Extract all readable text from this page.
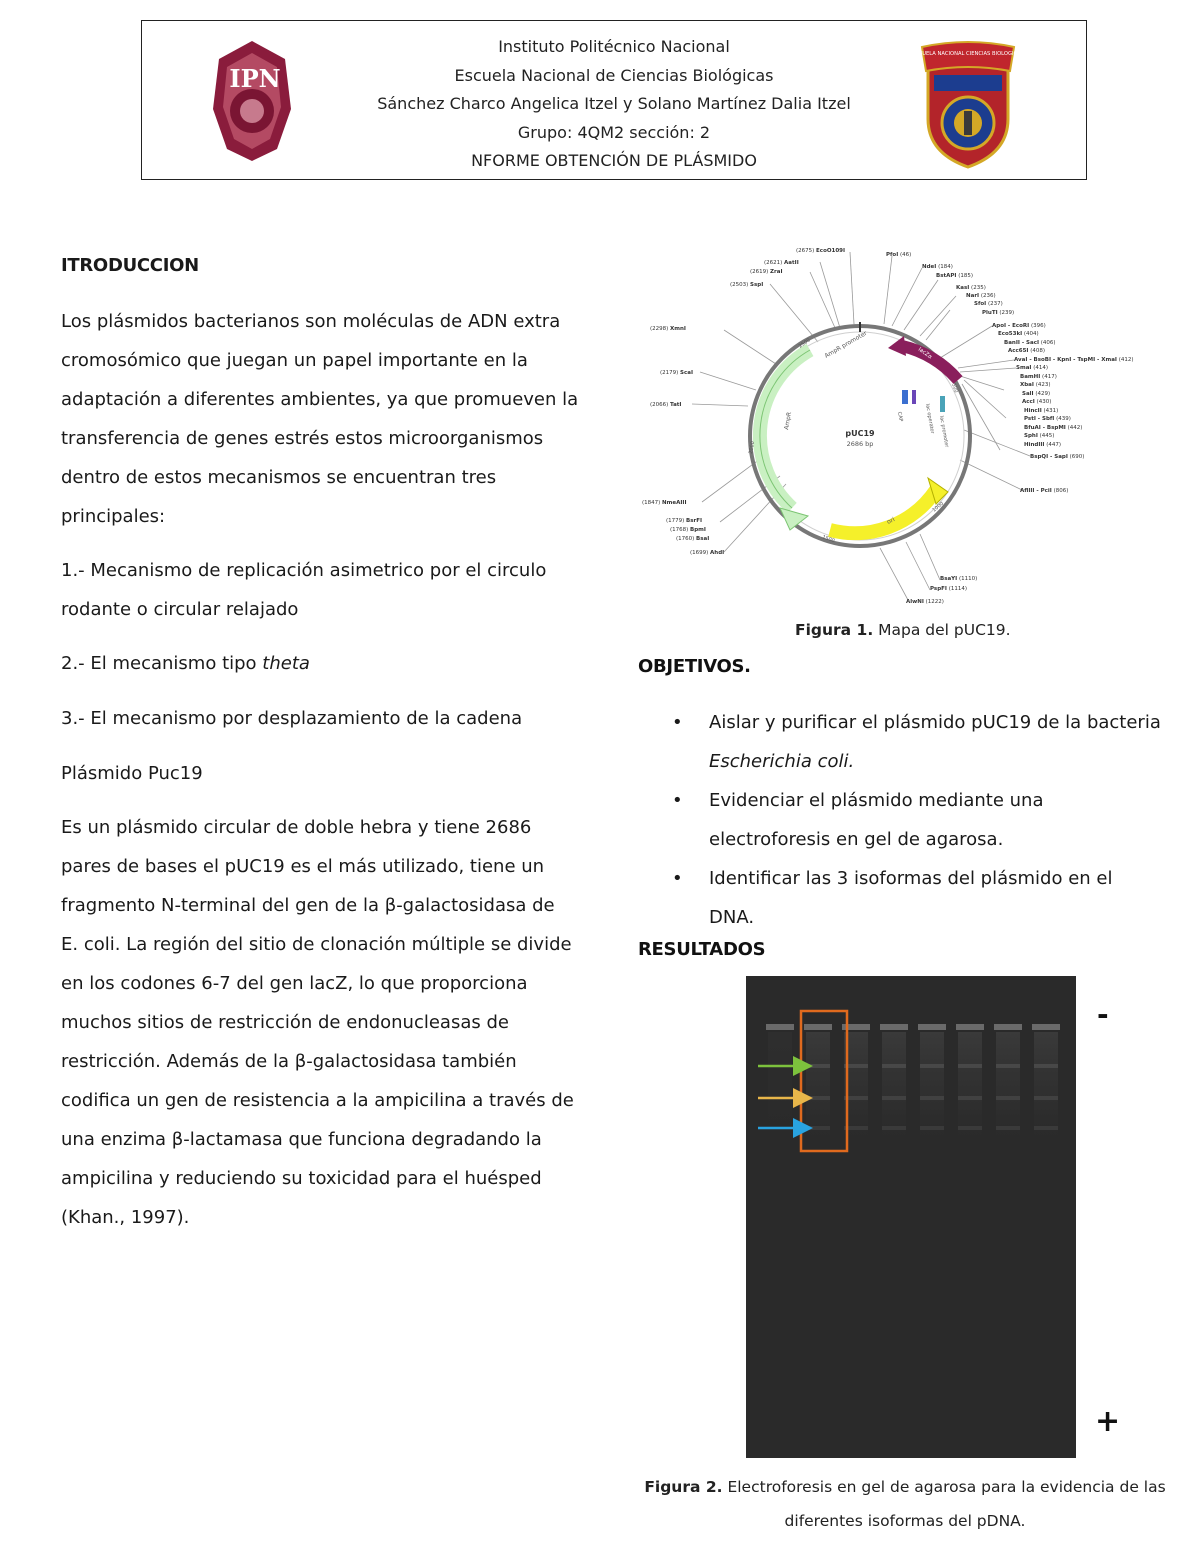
IPN
Instituto Politécnico Nacional
Escuela Nacional de Ciencias Biológicas
Sánchez Charco Angelica Itzel y Solano Martínez Dalia Itzel
Grupo: 4QM2 sección: 2
NFORME OBTENCIÓN DE PLÁSMIDO
ESCUELA NACIONAL CIENCIAS BIOLOGICAS
ITRODUCCION
Los plásmidos bacterianos son moléculas de ADN extra
cromosómico que juegan un papel importante en la
adaptación a diferentes ambientes, ya que promueven la
transferencia de genes estrés estos microorganismos
dentro de estos mecanismos se encuentran tres
principales:
1.- Mecanismo de replicación asimetrico por el circulo
rodante o circular relajado
2.- El mecanismo tipo theta
3.- El mecanismo por desplazamiento de la cadena
Plásmido Puc19
Es un plásmido circular de doble hebra y tiene 2686
pares de bases el pUC19 es el más utilizado, tiene un
fragmento N-terminal del gen de la β-galactosidasa de
E. coli. La región del sitio de clonación múltiple se divide
en los codones 6-7 del gen lacZ, lo que proporciona
muchos sitios de restricción de endonucleasas de
restricción. Además de la β-galactosidasa también
codifica un gen de resistencia a la ampicilina a través de
una enzima β-lactamasa que funciona degradando la
ampicilina y reduciendo su toxicidad para el huésped
(Khan., 1997).
pUC19
2686 bp
AmpR
AmpR promoter	lacZα
lac promoter
lac operator
ori
CAP
2500
500
1000
1500
2000
(2675) EcoO109I
(2621) AatII
(2619) ZraI
(2503) SspI
(2298) XmnI
(2179) ScaI
(2066) TatI
(1847) NmeAIII
(1779) BsrFI
(1768) BpmI
(1760) BsaI
(1699) AhdI
PfoI (46)
NdeI (184)
BstAPI (185)
KasI (235)
NarI (236)
SfoI (237)
PluTI (239)
ApoI - EcoRI (396)
Eco53kI (404)
BanII - SacI (406)
Acc65I (408)
AvaI - BsoBI - KpnI - TspMI - XmaI (412)
SmaI (414)
BamHI (417)
XbaI (423)
SalI (429)
AccI (430)
HincII (431)
PstI - SbfI (439)
BfuAI - BspMI (442)
SphI (445)
HindIII (447)
BspQI - SapI (690)
AflIII - PciI (806)
BsaYI (1110)
PspFI (1114)
AlwNI (1222)
Figura 1. Mapa del pUC19.
OBJETIVOS.
• Aislar y purificar el plásmido pUC19 de la bacteria
Escherichia coli.
• Evidenciar el plásmido mediante una
electroforesis en gel de agarosa.
• Identificar las 3 isoformas del plásmido en el
DNA.
RESULTADOS
-
+
Figura 2. Electroforesis en gel de agarosa para la evidencia de las diferentes isoformas del pDNA.
